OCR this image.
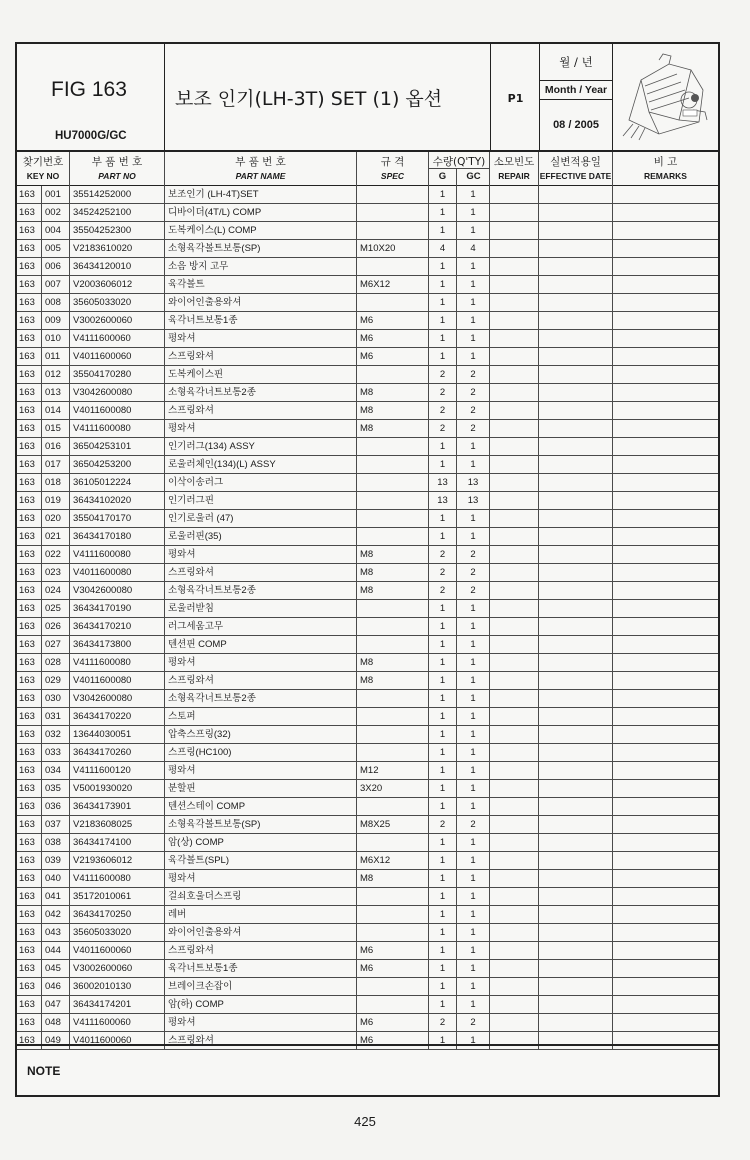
FIG 163
HU7000G/GC
보조 인기(LH-3T) SET (1) 옵션	P1
월 / 년
Month / Year
08 / 2005
찾기번호
KEY NO
부 품 번 호
PART NO
부 품 번 호
PART NAME
규 격
SPEC
수량(Q'TY)
G	GC
소모빈도
REPAIR
실변적용일
EFFECTIVE DATE
비 고
REMARKS
163	001	35514252000	보조인기 (LH-4T)SET	1	1
163	002	34524252100	디바이더(4T/L) COMP	1	1
163	004	35504252300	도복케이스(L) COMP	1	1
163	005	V2183610020	소형육각볼트보통(SP)	M10X20	4	4
163	006	36434120010	소음 방지 고무	1	1
163	007	V2003606012	육각볼트	M6X12	1	1
163	008	35605033020	와이어인출용와셔	1	1
163	009	V3002600060	육각너트보통1종	M6	1	1
163	010	V4111600060	평와셔	M6	1	1
163	011	V4011600060	스프링와셔	M6	1	1
163	012	35504170280	도복케이스핀	2	2
163	013	V3042600080	소형육각너트보통2종	M8	2	2
163	014	V4011600080	스프링와셔	M8	2	2
163	015	V4111600080	평와셔	M8	2	2
163	016	36504253101	인기러그(134) ASSY	1	1
163	017	36504253200	로울러체인(134)(L) ASSY	1	1
163	018	36105012224	이삭이송러그	13	13
163	019	36434102020	인기러그핀	13	13
163	020	35504170170	인기로울러 (47)	1	1
163	021	36434170180	로울러핀(35)	1	1
163	022	V4111600080	평와셔	M8	2	2
163	023	V4011600080	스프링와셔	M8	2	2
163	024	V3042600080	소형육각너트보통2종	M8	2	2
163	025	36434170190	로울러받침	1	1
163	026	36434170210	러그세움고무	1	1
163	027	36434173800	텐션핀 COMP	1	1
163	028	V4111600080	평와셔	M8	1	1
163	029	V4011600080	스프링와셔	M8	1	1
163	030	V3042600080	소형육각너트보통2종	1	1
163	031	36434170220	스토퍼	1	1
163	032	13644030051	압축스프링(32)	1	1
163	033	36434170260	스프링(HC100)	1	1
163	034	V4111600120	평와셔	M12	1	1
163	035	V5001930020	분할핀	3X20	1	1
163	036	36434173901	텐션스테이 COMP	1	1
163	037	V2183608025	소형육각볼트보통(SP)	M8X25	2	2
163	038	36434174100	암(상) COMP	1	1
163	039	V2193606012	육각볼트(SPL)	M6X12	1	1
163	040	V4111600080	평와셔	M8	1	1
163	041	35172010061	걸쇠호울더스프링	1	1
163	042	36434170250	레버	1	1
163	043	35605033020	와이어인출용와셔	1	1
163	044	V4011600060	스프링와셔	M6	1	1
163	045	V3002600060	육각너트보통1종	M6	1	1
163	046	36002010130	브레이크손잡이	1	1
163	047	36434174201	암(하) COMP	1	1
163	048	V4111600060	평와셔	M6	2	2
163	049	V4011600060	스프링와셔	M6	1	1
NOTE
425
